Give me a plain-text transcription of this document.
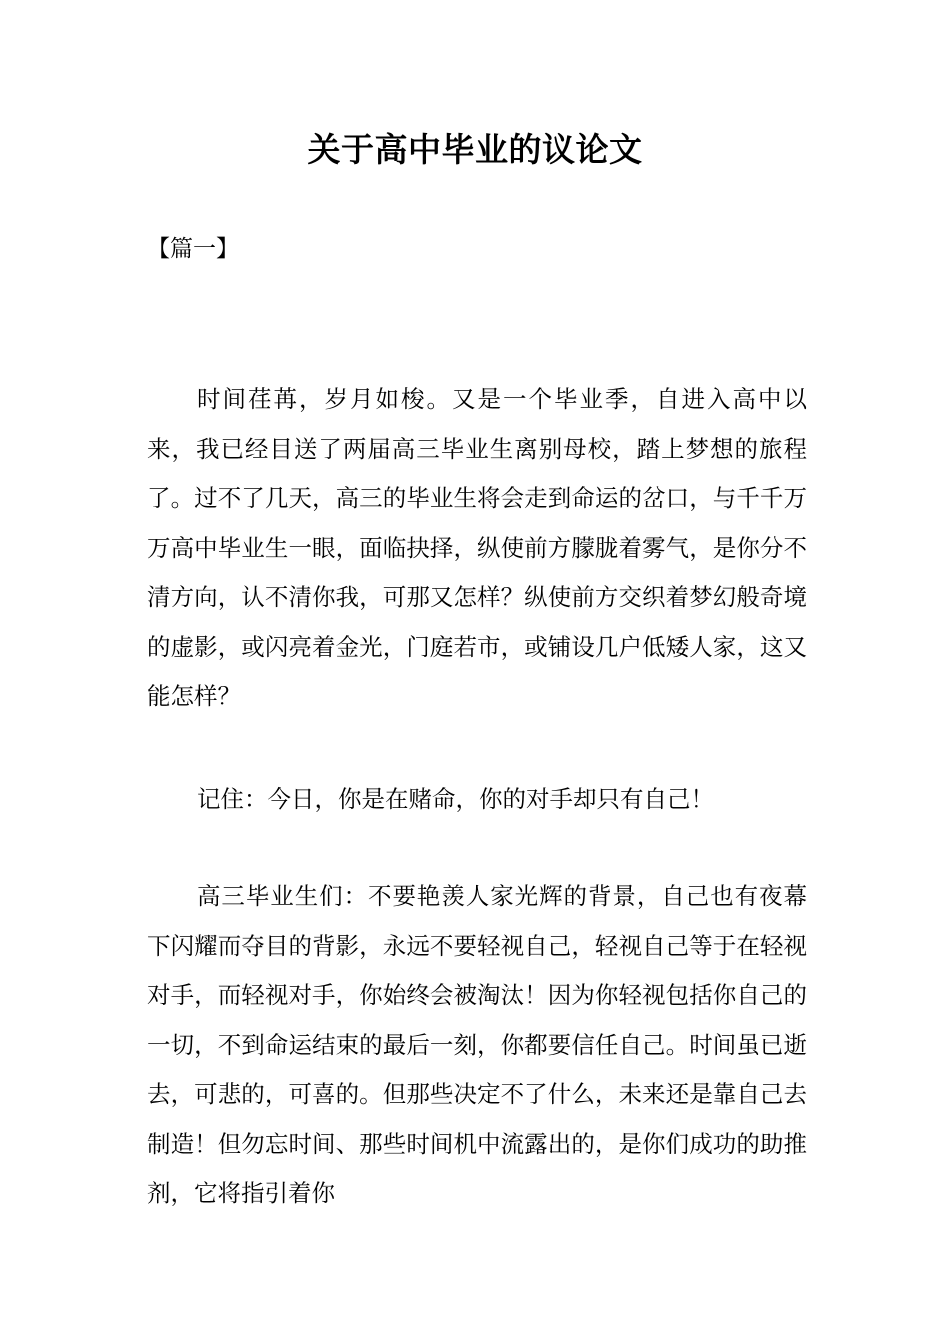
关于高中毕业的议论文
【篇一】

时间荏苒，岁月如梭。又是一个毕业季，自进入高中以来，我已经目送了两届高三毕业生离别母校，踏上梦想的旅程了。过不了几天，高三的毕业生将会走到命运的岔口，与千千万万高中毕业生一眼，面临抉择，纵使前方朦胧着雾气，是你分不清方向，认不清你我，可那又怎样？纵使前方交织着梦幻般奇境的虚影，或闪亮着金光，门庭若市，或铺设几户低矮人家，这又能怎样？

记住：今日，你是在赌命，你的对手却只有自己！

高三毕业生们：不要艳羡人家光辉的背景，自己也有夜幕下闪耀而夺目的背影，永远不要轻视自己，轻视自己等于在轻视对手，而轻视对手，你始终会被淘汰！因为你轻视包括你自己的一切，不到命运结束的最后一刻，你都要信任自己。时间虽已逝去，可悲的，可喜的。但那些决定不了什么，未来还是靠自己去制造！但勿忘时间、那些时间机中流露出的，是你们成功的助推剂，它将指引着你
